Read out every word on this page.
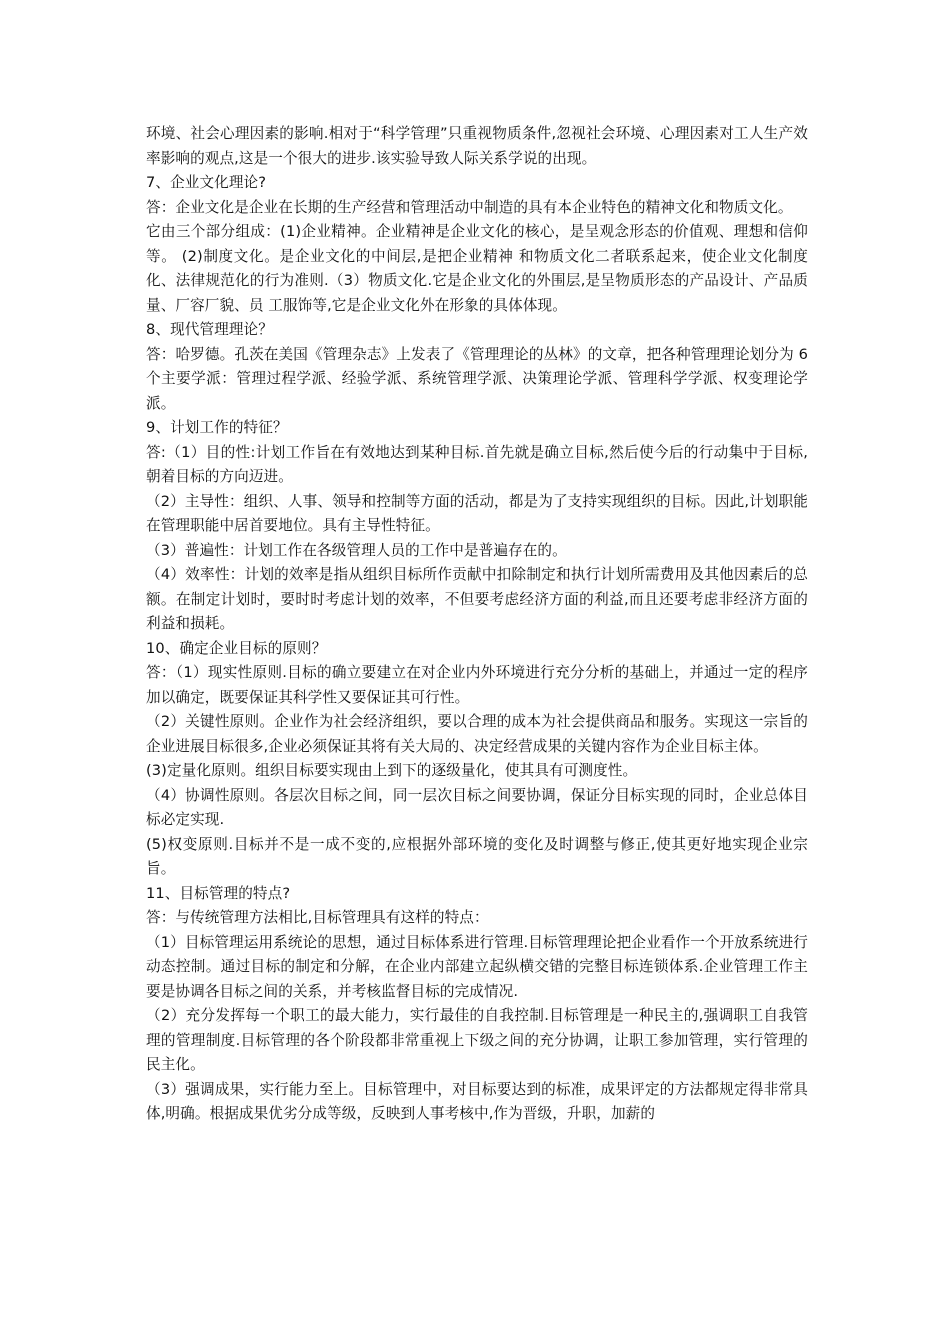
环境、社会心理因素的影响.相对于“科学管理”只重视物质条件,忽视社会环境、心理因素对工人生产效率影响的观点,这是一个很大的进步.该实验导致人际关系学说的出现。

7、企业文化理论?

答：企业文化是企业在长期的生产经营和管理活动中制造的具有本企业特色的精神文化和物质文化。

它由三个部分组成：(1)企业精神。企业精神是企业文化的核心，是呈观念形态的价值观、理想和信仰等。 (2)制度文化。是企业文化的中间层,是把企业精神 和物质文化二者联系起来，使企业文化制度化、法律规范化的行为准则.（3）物质文化.它是企业文化的外围层,是呈物质形态的产品设计、产品质量、厂容厂貌、员 工服饰等,它是企业文化外在形象的具体体现。

8、现代管理理论？

答：哈罗德。孔茨在美国《管理杂志》上发表了《管理理论的丛林》的文章，把各种管理理论划分为 6 个主要学派：管理过程学派、经验学派、系统管理学派、决策理论学派、管理科学学派、权变理论学派。

9、计划工作的特征？

答:（1）目的性:计划工作旨在有效地达到某种目标.首先就是确立目标,然后使今后的行动集中于目标,朝着目标的方向迈进。

（2）主导性：组织、人事、领导和控制等方面的活动，都是为了支持实现组织的目标。因此,计划职能在管理职能中居首要地位。具有主导性特征。

（3）普遍性：计划工作在各级管理人员的工作中是普遍存在的。

（4）效率性：计划的效率是指从组织目标所作贡献中扣除制定和执行计划所需费用及其他因素后的总额。在制定计划时，要时时考虑计划的效率，不但要考虑经济方面的利益,而且还要考虑非经济方面的利益和损耗。

10、确定企业目标的原则？

答：（1）现实性原则.目标的确立要建立在对企业内外环境进行充分分析的基础上，并通过一定的程序加以确定，既要保证其科学性又要保证其可行性。

（2）关键性原则。企业作为社会经济组织，要以合理的成本为社会提供商品和服务。实现这一宗旨的企业进展目标很多,企业必须保证其将有关大局的、决定经营成果的关键内容作为企业目标主体。

(3)定量化原则。组织目标要实现由上到下的逐级量化，使其具有可测度性。

（4）协调性原则。各层次目标之间，同一层次目标之间要协调，保证分目标实现的同时，企业总体目标必定实现.

(5)权变原则.目标并不是一成不变的,应根据外部环境的变化及时调整与修正,使其更好地实现企业宗旨。

11、目标管理的特点?

答：与传统管理方法相比,目标管理具有这样的特点：

（1）目标管理运用系统论的思想，通过目标体系进行管理.目标管理理论把企业看作一个开放系统进行动态控制。通过目标的制定和分解，在企业内部建立起纵横交错的完整目标连锁体系.企业管理工作主要是协调各目标之间的关系，并考核监督目标的完成情况.

（2）充分发挥每一个职工的最大能力，实行最佳的自我控制.目标管理是一种民主的,强调职工自我管理的管理制度.目标管理的各个阶段都非常重视上下级之间的充分协调，让职工参加管理，实行管理的民主化。

（3）强调成果，实行能力至上。目标管理中，对目标要达到的标准，成果评定的方法都规定得非常具体,明确。根据成果优劣分成等级，反映到人事考核中,作为晋级，升职，加薪的
